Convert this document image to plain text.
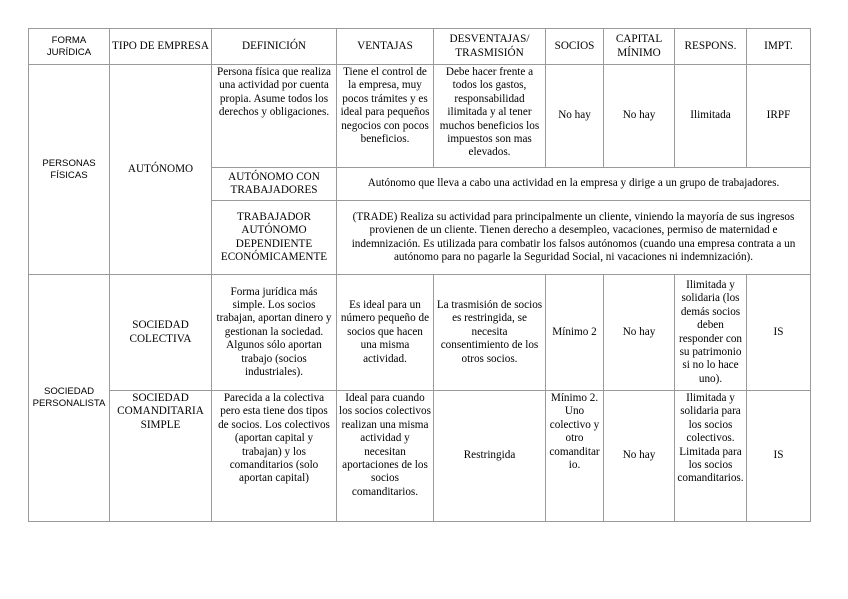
FORMA JURÍDICA	TIPO DE EMPRESA	DEFINICIÓN	VENTAJAS	DESVENTAJAS/ TRASMISIÓN	SOCIOS	CAPITAL MÍNIMO	RESPONS.	IMPT.
PERSONAS FÍSICAS	AUTÓNOMO	Persona física que realiza una actividad por cuenta propia. Asume todos los derechos y obligaciones.	Tiene el control de la empresa, muy pocos trámites y es ideal para pequeños negocios con pocos beneficios.	Debe hacer frente a todos los gastos, responsabilidad ilimitada y al tener muchos beneficios los impuestos son mas elevados.	No hay	No hay	Ilimitada	IRPF
		AUTÓNOMO CON TRABAJADORES	Autónomo que lleva a cabo una actividad en la empresa y dirige a un grupo de trabajadores.					
		TRABAJADOR AUTÓNOMO DEPENDIENTE ECONÓMICAMENTE	(TRADE) Realiza su actividad para principalmente un cliente, viniendo la mayoría de sus ingresos provienen de un cliente. Tienen derecho a desempleo, vacaciones, permiso de maternidad e indemnización. Es utilizada para combatir los falsos autónomos (cuando una empresa contrata a un autónomo para no pagarle la Seguridad Social, ni vacaciones ni indemnización).					
SOCIEDAD PERSONALISTA	SOCIEDAD COLECTIVA	Forma jurídica más simple. Los socios trabajan, aportan dinero y gestionan la sociedad. Algunos sólo aportan trabajo (socios industriales).	Es ideal para un número pequeño de socios que hacen una misma actividad.	La trasmisión de socios es restringida, se necesita consentimiento de los otros socios.	Mínimo 2	No hay	Ilimitada y solidaria (los demás socios deben responder con su patrimonio si no lo hace uno).	IS
	SOCIEDAD COMANDITARIA SIMPLE	Parecida a la colectiva pero esta tiene dos tipos de socios. Los colectivos (aportan capital y trabajan) y los comanditarios (solo aportan capital)	Ideal para cuando los socios colectivos realizan una misma actividad y necesitan aportaciones de los socios comanditarios.	Restringida	Mínimo 2. Uno colectivo y otro comanditario.	No hay	Ilimitada y solidaria para los socios colectivos. Limitada para los socios comanditarios.	IS
